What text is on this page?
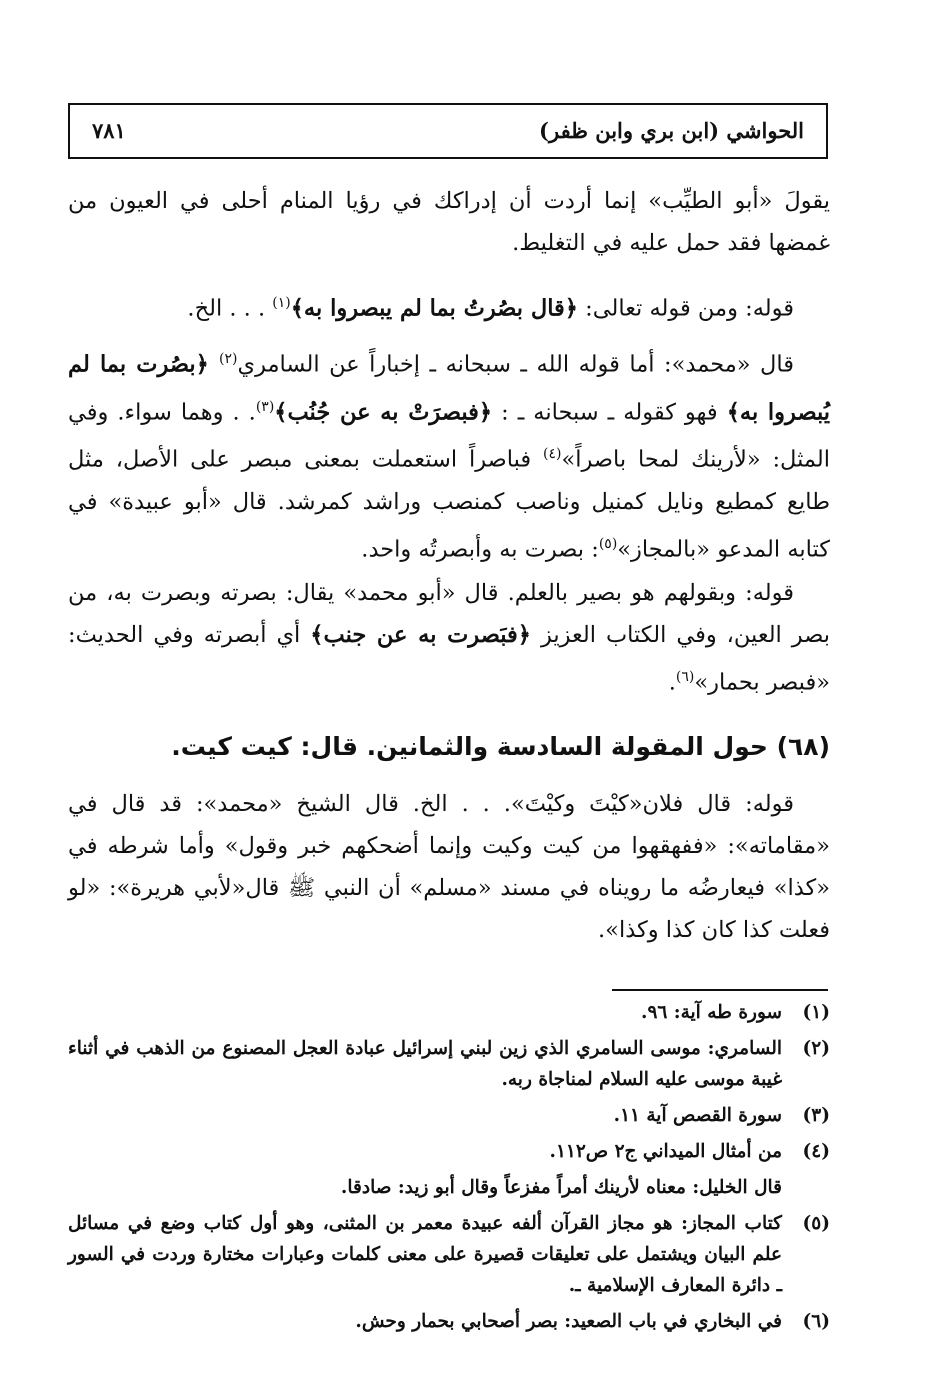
الحواشي (ابن بري وابن ظفر)
٧٨١
يقولَ «أبو الطيِّب» إنما أردت أن إدراكك في رؤيا المنام أحلى في العيون من غمضها فقد حمل عليه في التغليط.
قوله: ومن قوله تعالى: ﴿قال بصُرتُ بما لم يبصروا به﴾$^{(١)}$ . . . الخ.
قال «محمد»: أما قوله الله ـ سبحانه ـ إخباراً عن السامري$^{(٢)}$ ﴿بصُرت بما لم يُبصروا به﴾ فهو كقوله ـ سبحانه ـ : ﴿فبصرَتْ به عن جُنُب﴾$^{(٣)}$. . وهما سواء. وفي المثل: «لأرينك لمحا باصراً»$^{(٤)}$ فباصراً استعملت بمعنى مبصر على الأصل، مثل طايع كمطيع ونايل كمنيل وناصب كمنصب وراشد كمرشد. قال «أبو عبيدة» في كتابه المدعو «بالمجاز»$^{(٥)}$: بصرت به وأبصرتُه واحد.
قوله: وبقولهم هو بصير بالعلم. قال «أبو محمد» يقال: بصرته وبصرت به، من بصر العين، وفي الكتاب العزيز ﴿فبَصرت به عن جنب﴾ أي أبصرته وفي الحديث: «فبصر بحمار»$^{(٦)}$.
(٦٨) حول المقولة السادسة والثمانين. قال: كيت كيت.
قوله: قال فلان«كيْتَ وكيْتَ». . . الخ. قال الشيخ «محمد»: قد قال في «مقاماته»: «ففهقهوا من كيت وكيت وإنما أضحكهم خبر وقول» وأما شرطه في «كذا» فيعارضُه ما رويناه في مسند «مسلم» أن النبي ﷺ قال«لأبي هريرة»: «لو فعلت كذا كان كذا وكذا».
(١)
سورة طه آية: ٩٦.
(٢)
السامري: موسى السامري الذي زين لبني إسرائيل عبادة العجل المصنوع من الذهب في أثناء غيبة موسى عليه السلام لمناجاة ربه.
(٣)
سورة القصص آية ١١.
(٤)
من أمثال الميداني ج٢ ص١١٢.
قال الخليل: معناه لأرينك أمراً مفزعاً وقال أبو زيد: صادقا.
(٥)
كتاب المجاز: هو مجاز القرآن ألفه عبيدة معمر بن المثنى، وهو أول كتاب وضع في مسائل علم البيان ويشتمل على تعليقات قصيرة على معنى كلمات وعبارات مختارة وردت في السور ـ دائرة المعارف الإسلامية ـ.
(٦)
في البخاري في باب الصعيد: بصر أصحابي بحمار وحش.
